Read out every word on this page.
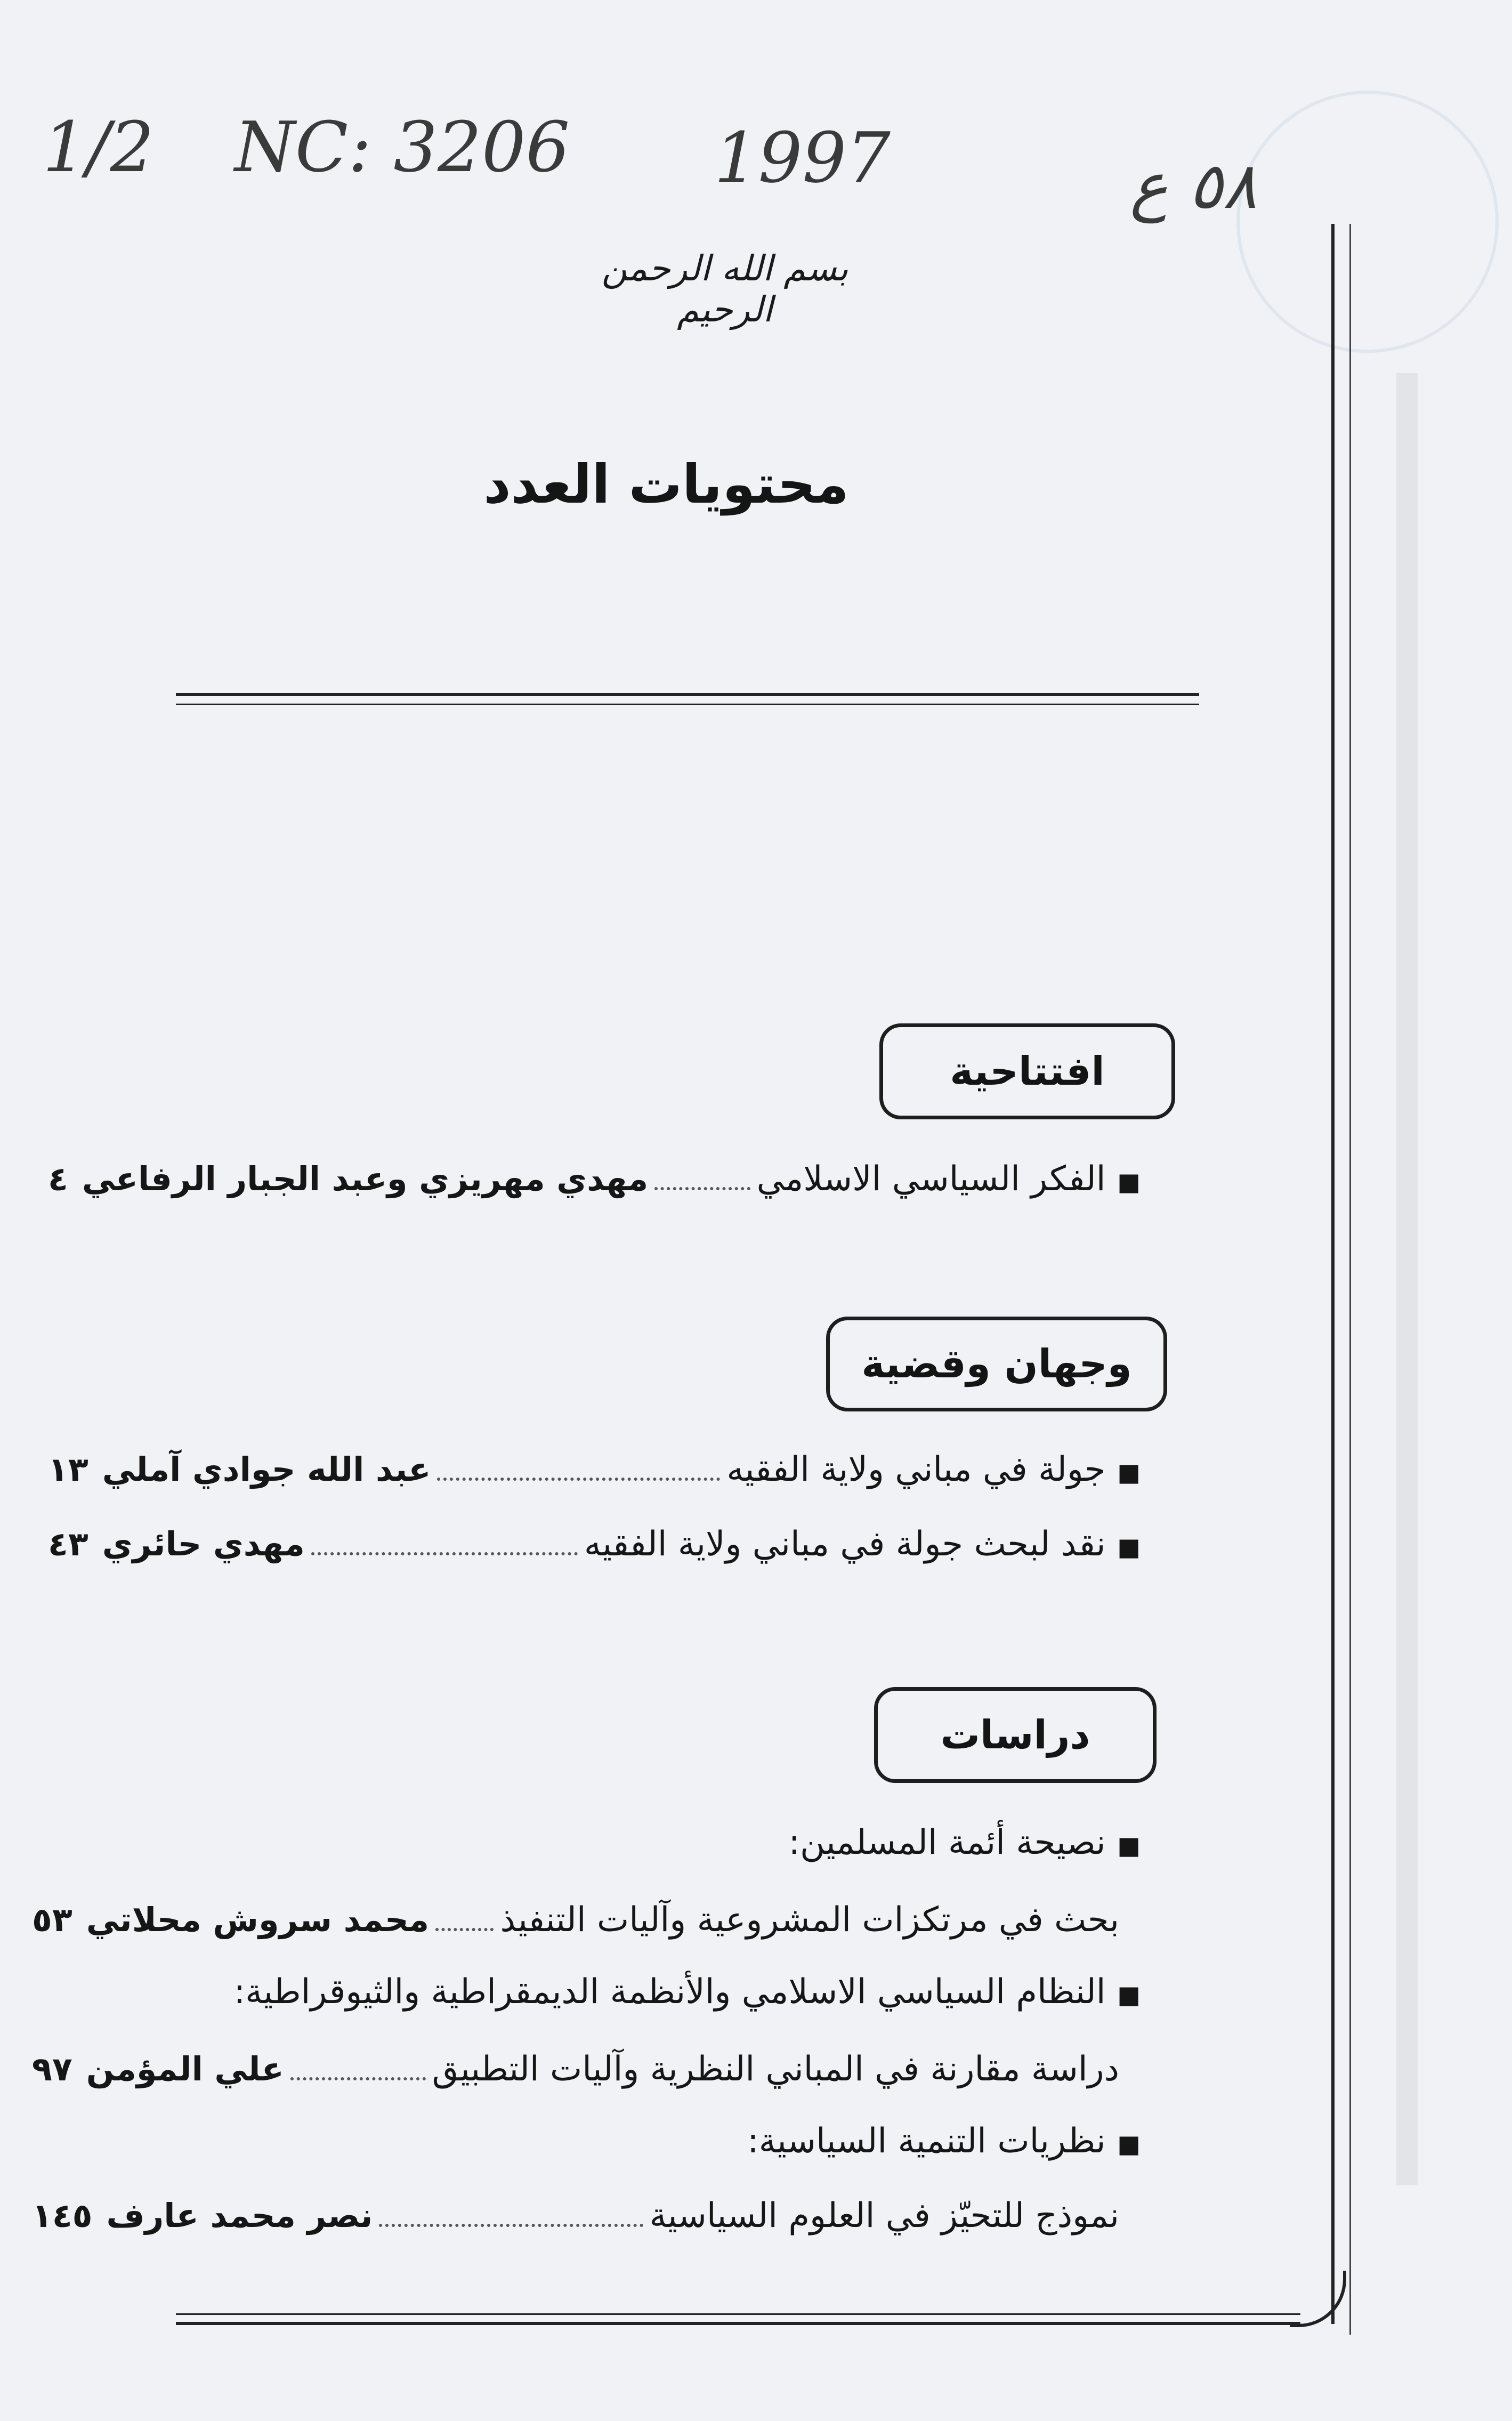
1/2 NC: 3206 1997	٥٨ ع
بسم الله الرحمن الرحيم
محتويات العدد
افتتاحية
■
الفكر السياسي الاسلامي
مهدي مهريزي وعبد الجبار الرفاعي
٤
وجهان وقضية
■
جولة في مباني ولاية الفقيه
عبد الله جوادي آملي
١٣
■
نقد لبحث جولة في مباني ولاية الفقيه
مهدي حائري
٤٣
دراسات
■
نصيحة أئمة المسلمين:
بحث في مرتكزات المشروعية وآليات التنفيذ
محمد سروش محلاتي
٥٣
■
النظام السياسي الاسلامي والأنظمة الديمقراطية والثيوقراطية:
دراسة مقارنة في المباني النظرية وآليات التطبيق
علي المؤمن
٩٧
■
نظريات التنمية السياسية:
نموذج للتحيّز في العلوم السياسية
نصر محمد عارف
١٤٥
